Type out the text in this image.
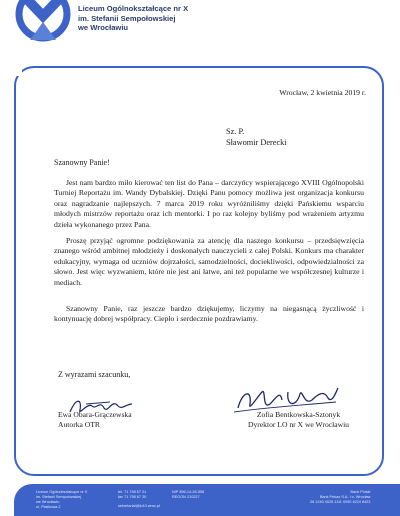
Liceum Ogólnokształcące nr X
im. Stefanii Sempołowskiej
we Wrocławiu
Wrocław, 2 kwietnia 2019 r.
Sz. P.
Sławomir Derecki
Szanowny Panie!
Jest nam bardzo miło kierować ten list do Pana – darczyńcy wspierającego XVIII Ogólnopolski Turniej Reportażu im. Wandy Dybalskiej. Dzięki Panu pomocy możliwa jest organizacja konkursu oraz nagradzanie najlepszych. 7 marca 2019 roku wyróżniliśmy dzięki Pańskiemu wsparciu młodych mistrzów reportażu oraz ich mentorki. I po raz kolejny byliśmy pod wrażeniem artyzmu dzieła wykonanego przez Pana.
Proszę przyjąć ogromne podziękowania za atencję dla naszego konkursu – przedsięwzięcia znanego wśród ambitnej młodzieży i doskonałych nauczycieli z całej Polski. Konkurs ma charakter edukacyjny, wymaga od uczniów dojrzałości, samodzielności, dociekliwości, odpowiedzialności za słowo. Jest więc wyzwaniem, które nie jest ani łatwe, ani też popularne we współczesnej kulturze i mediach.
Szanowny Panie, raz jeszcze bardzo dziękujemy, liczymy na niegasnącą życzliwość i kontynuację dobrej współpracy. Ciepło i serdecznie pozdrawiamy.
Z wyrazami szacunku,
Ewa Obara-Grączewska
Autorka OTR
Zofia Bentkowska-Sztonyk
Dyrektor LO nr X we Wrocławiu
Liceum Ogólnokształcące nr X
im. Stefanii Sempołowskiej
we Wrocławiu
ul. Piaskowa 2
tel. 71 798 67 21
fax 71 798 67 20
sekretariat@lo10.wroc.pl
NIP 896-14-28-556
REGON 210227
Bank Polski
Bank Pekao S.A. I o. Wrocław
26 1240 4025 1111 0000 4224 8423
